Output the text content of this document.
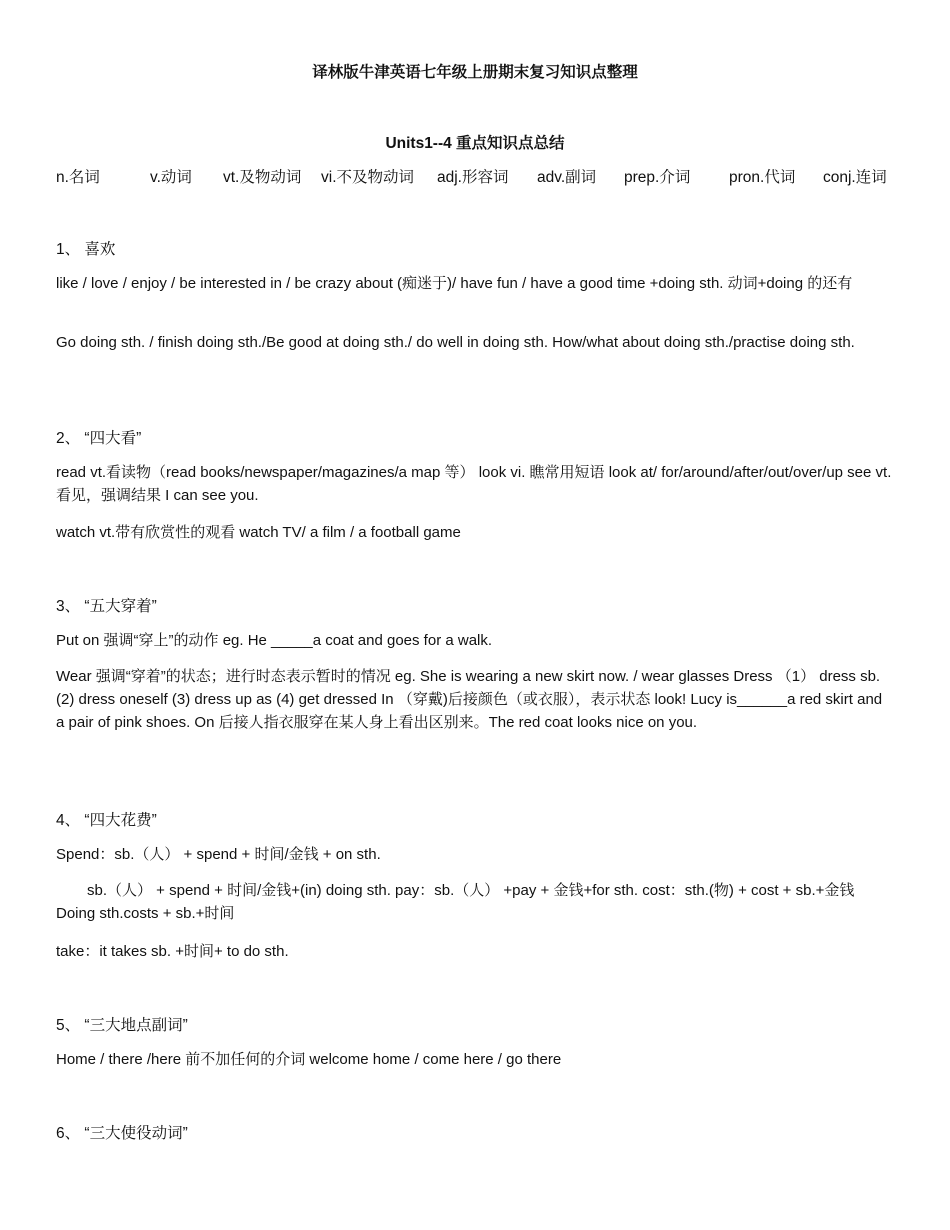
译林版牛津英语七年级上册期末复习知识点整理
Units1--4 重点知识点总结
n.名词	v.动词 vt.及物动词 vi.不及物动词 adj.形容词 adv.副词 prep.介词 pron.代词 conj.连词
1、 喜欢
like / love / enjoy / be interested in / be crazy about (痴迷于)/ have fun / have a good time +doing sth. 动词+doing 的还有
Go doing sth. / finish doing sth./Be good at doing sth./ do well in doing sth. How/what about doing sth./practise doing sth.
2、 “四大看”
read vt.看读物（read books/newspaper/magazines/a map 等） look vi. 瞧常用短语 look at/ for/around/after/out/over/up see vt.看见，强调结果 I can see you.
watch vt.带有欣赏性的观看 watch TV/ a film / a football game
3、 “五大穿着”
Put on 强调“穿上”的动作 eg. He _____a coat and goes for a walk.
Wear 强调“穿着”的状态；进行时态表示暂时的情况 eg. She is wearing a new skirt now. / wear glasses Dress （1） dress sb. (2) dress oneself (3) dress up as (4) get dressed In （穿戴)后接颜色（或衣服），表示状态 look! Lucy is______a red skirt and a pair of pink shoes. On 后接人指衣服穿在某人身上看出区别来。The red coat looks nice on you.
4、 “四大花费”
Spend：sb.（人） + spend + 时间/金钱 + on sth.
sb.（人） + spend + 时间/金钱+(in) doing sth. pay：sb.（人） +pay + 金钱+for sth. cost：sth.(物) + cost + sb.+金钱 Doing sth.costs + sb.+时间
take：it takes sb. +时间+ to do sth.
5、 “三大地点副词”
Home / there /here 前不加任何的介词 welcome home / come here / go there
6、 “三大使役动词”
